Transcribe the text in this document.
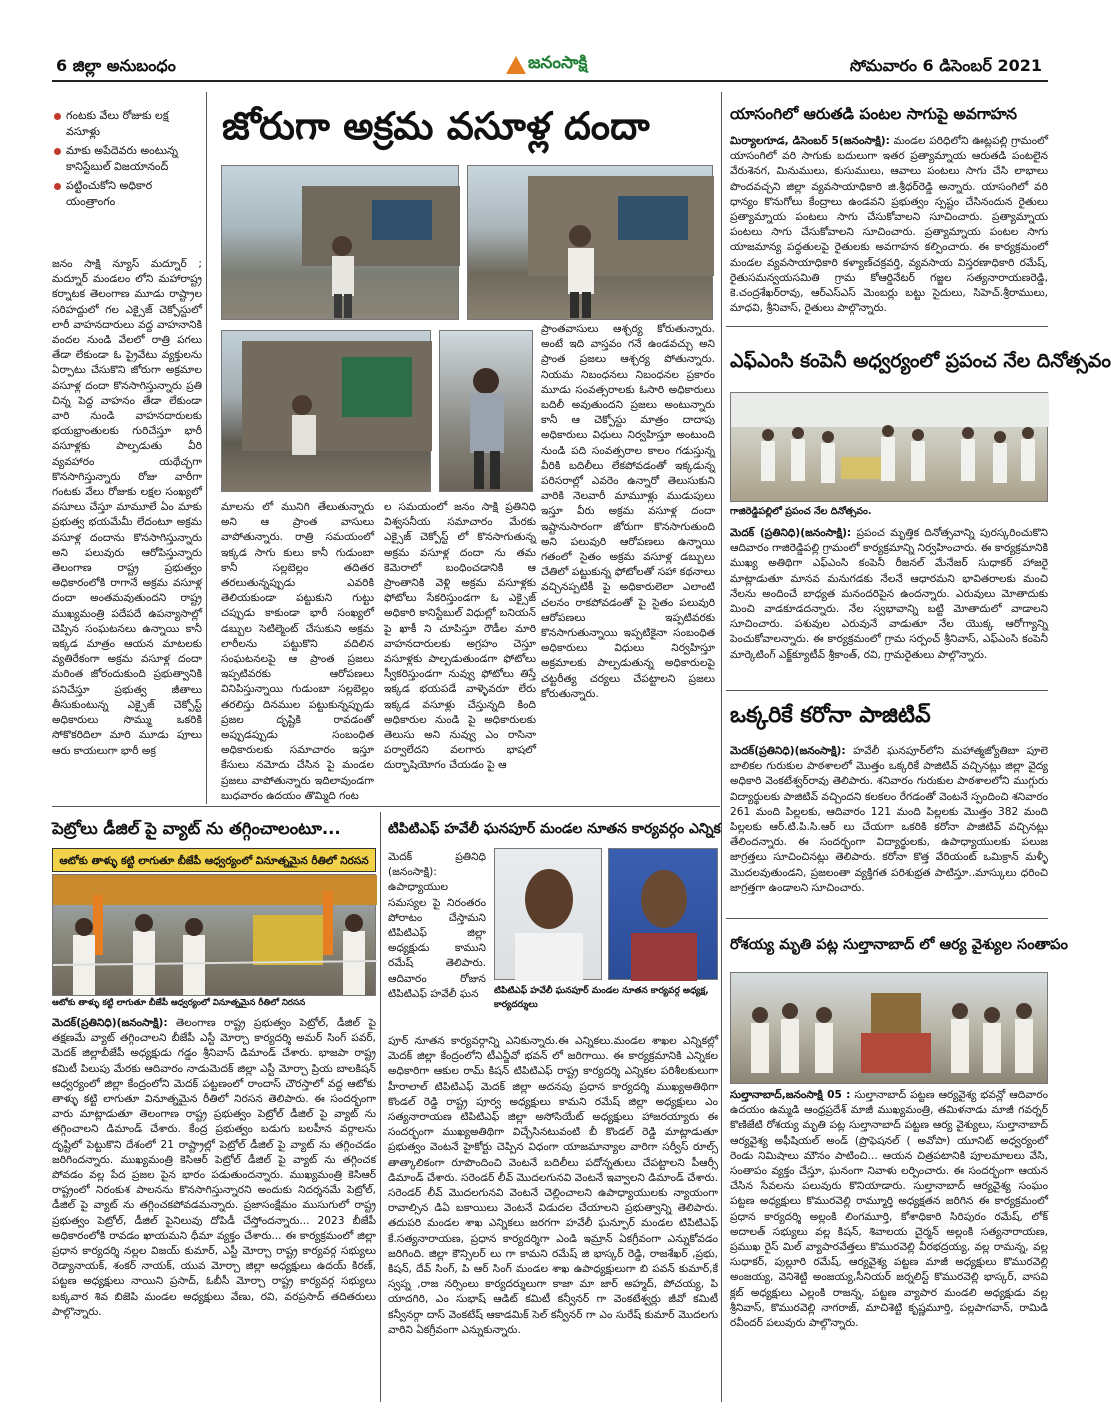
6 జిల్లా అనుబంధం	జనంసాక్షి	సోమవారం 6 డిసెంబర్ 2021
గంటకు వేలు రోజుకు లక్ష వసూళ్లు
మాకు అపేదెవరు అంటున్న కానిస్టేబుల్ విజయానంద్
పట్టించుకోని అధికార యంత్రాంగం
జోరుగా అక్రమ వసూళ్ల దందా
జనం సాక్షి న్యూస్ మద్నూర్ ; మద్నూర్ మండలం లోని మహారాష్ట్ర కర్నాటక తెలంగాణ మూడు రాష్ట్రాల సరిహద్దులో గల ఎక్సైజ్ చెక్పోస్టులో లారీ వాహనదారులు వద్ద వాహనానికి వందల నుండి వేలలో రాత్రి పగలు తేడా లేకుండా ఓ ప్రైవేటు వ్యక్తులను ఏర్పాటు చేసుకొని జోరుగా అక్రమాల వసూళ్ల దందా కొనసాగిస్తున్నారు ప్రతి చిన్న పెద్ద వాహనం తేడా లేకుండా వారి నుండి వాహనదారులకు భయభ్రాంతులకు గురిచేస్తూ భారీ వసూళ్లకు పాల్పడుతు వీరి వ్యవహారం యథేచ్ఛగా కొనసాగిస్తున్నారు రోజు వారీగా గంటకు వేలు రోజుకు లక్షల సంఖ్యలో వసూలు చేస్తూ మామూలే ఏం మాకు ప్రభుత్వ భయమేమీ లేదంటూ అక్రమ వసూళ్ల దందాను కొనసాగిస్తున్నారు అని పలువురు ఆరోపిస్తున్నారు తెలంగాణ రాష్ట్ర ప్రభుత్వం అధికారంలోకి రాగానే అక్రమ వసూళ్ల దందా అంతమవుతుందని రాష్ట్ర ముఖ్యమంత్రి పదేపదే ఉపన్యాసాల్లో చెప్పిన సంఘటనలు ఉన్నాయి కానీ ఇక్కడ మాత్రం ఆయన మాటలకు వ్యతిరేకంగా అక్రమ వసూళ్ల దందా మరింత జోరందుకుంది ప్రభుత్వానికి పనిచేస్తూ ప్రభుత్వ జీతాలు తీసుకుంటున్న ఎక్సైజ్ చెక్పోస్ట్ అధికారులు సొమ్ము ఒకరికి సోకొకరిదిలా మారి మూడు పూలు ఆరు కాయలుగా భారీ అక్ర
మాలను లో మునిగి తేలుతున్నారు అని ఆ ప్రాంత వాసులు వాపోతున్నారు. రాత్రి సమయంలో ఇక్కడ సాగు కులు కానీ గుడుంబా కానీ సల్లబెల్లం తదితర తరలుతున్నప్పుడు ఎవరికి తెలియకుండా పట్టుకుని గుట్టు చప్పుడు కాకుండా భారీ సంఖ్యలో డబ్బుల సెటిల్మెంట్ చేసుకుని అక్రమ లారీలను పట్టుకొని వదిలిన సంఘటనలపై ఆ ప్రాంత ప్రజలు ఇప్పటివరకు ఆరోపణలు వినిపిస్తున్నాయి గుడుంబా సల్లబెల్లం తరలిస్తు దినముల పట్టుకున్నప్పుడు ప్రజల దృష్టికి రావడంతో అప్పుడప్పుడు సంబంధిత అధికారులకు సమాచారం ఇస్తూ కేసులు నమోదు చేసిన పై మండల ప్రజలు వాపోతున్నారు ఇదిలావుండగా బుధవారం ఉదయం తొమ్మిది గంట
ల సమయంలో జనం సాక్షి ప్రతినిధి విశ్వసనీయ సమాచారం మేరకు ఎక్సైజ్ చెక్పోస్ట్ లో కొనసాగుతున్న అక్రమ వసూళ్ల దందా ను తమ కెమెరాలో బంధించడానికి ఆ ప్రాంతానికి వెళ్లి అక్రమ వసూళ్లకు ఫోటోలు సేకరిస్తుండగా ఓ ఎక్సైజ్ అధికారి కానిస్టేబుల్ విధుల్లో బనియన్ పై ఖాకీ ని చూపిస్తూ రౌడీల మారి వాహనదారులకు అగ్రహం చెస్తూ వసూళ్లకు పాల్పడుతుండగా ఫోటోలు స్వీకరిస్తుండగా నువ్వు ఫోటోలు తిస్తే ఇక్కడ భయపడే వాళ్ళెవరూ లేరు ఇక్కడ వసూళ్లు చేస్తున్నది కింది అధికారుల నుండి పై అధికారులకు తెలుసు అని నువ్వు ఎం రాసినా పర్వాలేదని వలగారు భాషలో దుర్భాషియోగం చేయడం పై ఆ
ప్రాంతవాసులు ఆశ్చర్య కోరుతున్నారు. అంటే ఇది వాస్తవం గనే ఉండవచ్చు అని ప్రాంత ప్రజలు ఆశ్చర్య పోతున్నారు. నియమ నిబంధనలు నిబంధనల ప్రకారం మూడు సంవత్సరాలకు ఓసారి అధికారులు బదిలీ అవుతుందని ప్రజలు అంటున్నారు కానీ ఆ చెక్పోస్టు మాత్రం దాదాపు అధికారులు విధులు నిర్వహిస్తూ అంటుంది నుండి పది సంవత్సరాల కాలం గడుస్తున్న వీరికి బదిలీలు లేకపోవడంతో ఇక్కడున్న పరిసరాల్లో ఎవరెం ఉన్నారో తెలుసుకుని వారికి నెలవారీ మామూళ్లు ముడుపులు ఇస్తూ వీరు అక్రమ వసూళ్ల దందా ఇష్టానుసారంగా జోరుగా కొనసాగుతుంది అని పలువురి ఆరోపణలు ఉన్నాయి గతంలో సైతం అక్రమ వసూళ్ల డబ్బులు చేతిలో పట్టుకున్న ఫోటోలతో సహా కథనాలు వచ్చినప్పటికీ పై అధికారులెలా ఎలాంటి చలనం రాకపోవడంతో పై సైతం పలువురి ఆరోపణలు ఇప్పటివరకు కొనసాగుతున్నాయి ఇప్పటికైనా సంబంధిత అధికారులు విధులు నిర్వహిస్తూ అక్రమాలకు పాల్పడుతున్న అధికారులపై చట్టరీత్య చర్యలు చేపట్టాలని ప్రజలు కోరుతున్నారు.
యాసంగిలో ఆరుతడి పంటల సాగుపై అవగాహన
మిర్యాలగూడ, డిసెంబర్ 5(జనంసాక్షి): మండల పరిధిలోని ఊట్లపల్లి గ్రామంలో యాసంగిలో వరి సాగుకు బదులుగా ఇతర ప్రత్యామ్నాయ ఆరుతడి పంటలైన వేరుశెనగ, మినుములు, కుసుములు, ఆవాలు పంటలు సాగు చేసి లాభాలు పొందవచ్చని జిల్లా వ్యవసాయాధికారి జి.శ్రీధర్‌రెడ్డి అన్నారు. యాసంగిలో వరి ధాన్యం కొనుగోలు కేంద్రాలు ఉండవని ప్రభుత్వం స్పష్టం చేసినందున రైతులు ప్రత్యామ్నాయ పంటలు సాగు చేసుకోవాలని సూచించారు. ప్రత్యామ్నాయ పంటలు సాగు చేసుకోవాలని సూచించారు. ప్రత్యామ్నాయ పంటల సాగు యాజమాన్య పద్ధతులపై రైతులకు అవగాహన కల్పించారు. ఈ కార్యక్రమంలో మండల వ్యవసాయాధికారి కళ్యాణ్‌చక్రవర్తి, వ్యవసాయ విస్తరణాధికారి రమేష్, రైతుసమన్వయసమితి గ్రామ కోఆర్డినేటర్ గజ్జల సత్యనారాయణరెడ్డి, కె.చంద్రశేఖర్‌రావు, ఆర్‌ఎస్ఎస్ మెంబర్లు బట్టు సైదులు, సిహెచ్.శ్రీరాములు, మాధవి, శ్రీనివాస్, రైతులు పాల్గొన్నారు.
ఎఫ్ఎంసి కంపెనీ అధ్వర్యంలో ప్రపంచ నేల దినోత్సవం
గాజిరెడ్డిపల్లిలో ప్రపంచ నేల దినోత్సవం.
మెదక్ (ప్రతినిధి)(జనంసాక్షి): ప్రపంచ మృత్తిక దినోత్సవాన్ని పురస్కరించుకొని ఆదివారం గాజిరెడ్డిపల్లి గ్రామంలో కార్యక్రమాన్ని నిర్వహించారు. ఈ కార్యక్రమానికి ముఖ్య అతిథిగా ఎఫ్ఎంసి కంపెనీ రీజనల్ మేనేజర్ సుధాకర్ హాజరై మాట్లాడుతూ మానవ మనుగడకు నేలనే ఆధారమని భావితరాలకు మంచి నేలను అందించే బాధ్యత మనందరిపైన ఉందన్నారు. ఎరువులు మోతాదుకు మించి వాడకూడదన్నారు. నేల స్వభావాన్ని బట్టి మోతాదులో వాడాలని సూచించారు. పశువుల ఎరువునే వాడుతూ నేల యొక్క ఆరోగ్యాన్ని పెంచుకోవాలన్నారు. ఈ కార్యక్రమంలో గ్రామ సర్పంచ్ శ్రీనివాస్, ఎఫ్ఎంసి కంపెనీ మార్కెటింగ్ ఎక్జ్‌క్యూటీవ్ శ్రీకాంత్, రవి, గ్రామరైతులు పాల్గొన్నారు.
ఒక్కరికే కరోనా పాజిటివ్
మెదక్(ప్రతినిధి)(జనంసాక్షి): హవేలీ ఘనపూర్‌లోని మహాత్మజ్యోతిబా పూలె బాలికల గురుకుల పాఠశాలలో మొత్తం ఒక్కరికే పాజిటివ్ వచ్చినట్లు జిల్లా వైద్య అధికారి వెంకటేశ్వర్‌రావు తెలిపారు. శనివారం గురుకుల పాఠశాలలోని ముగ్గురు విద్యార్థులకు పాజిటివ్ వచ్చిందని కలకలం రేగడంతో వెంటనే స్పందించి శనివారం 261 మంది పిల్లలకు, ఆదివారం 121 మంది పిల్లలకు మొత్తం 382 మంది పిల్లలకు ఆర్.టి.పి.సి.ఆర్ లు చేయగా ఒకరికి కరోనా పాజిటివ్ వచ్చినట్లు తేలిందన్నారు. ఈ సందర్భంగా విద్యార్థులకు, ఉపాధ్యాయులకు పలుజ జాగ్రత్తలు సూచించినట్లు తెలిపారు. కరోనా కొత్త వేరియంట్ ఒమిక్రాన్ మళ్ళీ మొదలవుతుండని, ప్రజలంతా వ్యక్తిగత పరిశుభ్రత పాటిస్తూ..మాస్కులు ధరించి జాగ్రత్తగా ఉండాలని సూచించారు.
రోశయ్య మృతి పట్ల సుల్తానాబాద్ లో ఆర్య వైశ్యుల సంతాపం
సుల్తానాబాద్,జనంసాక్షి 05 : సుల్తానాబాద్ పట్టణ ఆర్యవైశ్య భవన్లో ఆదివారం ఉదయం ఉమ్మడి ఆంధ్రప్రదేశ్ మాజీ ముఖ్యమంత్రి, తమిళనాడు మాజీ గవర్నర్ కొణిజేటి రోశయ్య మృతి పట్ల సుల్తానాబాద్ పట్టణ ఆర్య వైశ్యులు, సుల్తానాబాద్ ఆర్యవైశ్య అఫీషియల్ అండ్ (ప్రొఫెషనల్ ( అవోపా) యూనిట్ అధ్వర్యంలో రెండు నిమిషాలు మౌనం పాటించి... ఆయన చిత్రపటానికి పూలమాలలు వేసి, సంతాపం వ్యక్తం చేస్తూ, ఘనంగా నివాళు లర్పించారు. ఈ సందర్భంగా ఆయన చేసిన సేవలను పలువురు కొనియాడారు. సుల్తానాబాద్ ఆర్యవైశ్య సంఘం పట్టణ అధ్యక్షులు కొమురవెల్లి రామ్మూర్తి అధ్యక్షతన జరిగిన ఈ కార్యక్రమంలో ప్రధాన కార్యదర్శి అల్లంకి లింగమూర్తి, కోశాధికారి సిరిపురం రమేష్, లోక్ అదాలత్ సభ్యులు వల్ల కిషన్, శివాలయ చైర్మన్ అల్లంకి సత్యనారాయణ, ప్రముఖ రైస్ మిల్ వ్యాపారవేత్తలు కొమురవెల్లి వీరభద్రయ్య, వల్ల రామన్న, వల్ల సుధాకర్, పుల్లూరి రమేష్, ఆర్యవైశ్య పట్టణ మాజీ అధ్యక్షులు కొమురవెల్లి అంజయ్య, వెనిశెట్టి అంజయ్య,సీనియర్ జర్నలిస్ట్ కొమురవెల్లి భాస్కర్, వాసవి క్లబ్ అధ్యక్షులు ఎల్లంకి రాజన్న, పట్టణ వ్యాపార మండలి అధ్యక్షుడు వల్ల శ్రీనివాస్, కొమురవెల్లి నాగరాజ్, మాచిశెట్టి కృష్ణమూర్తి, పల్లపాగవాన్, రామిడి రవీందర్ పలువురు పాల్గొన్నారు.
పెట్రోలు డీజిల్ పై వ్యాట్ ను తగ్గించాలంటూ...
ఆటోకు తాళ్ళు కట్టి లాగుతూ బీజేపీ ఆధ్వర్యంలో వినూత్నమైన రీతిలో నిరసన
ఆటోకు తాళ్ళు కట్టి లాగుతూ బీజేపీ ఆధ్వర్యంలో వినూత్నమైన రీతిలో నిరసన
మెదక్(ప్రతినిధి)(జనంసాక్షి): తెలంగాణ రాష్ట్ర ప్రభుత్వం పెట్రోల్, డీజిల్ పై తక్షణమే వ్యాట్ తగ్గించాలని బీజేపీ ఎస్టీ మోర్చా కార్యదర్శి అమర్ సింగ్ పవర్, మెదక్ జిల్లాబీజేపీ అధ్యక్షుడు గడ్డం శ్రీనివాస్ డిమాండ్ చేశారు. భాజపా రాష్ట్ర కమిటీ పిలుపు మేరకు ఆదివారం నాడుమెదక్ జిల్లా ఎస్టీ మోర్చా ప్రియ బాలకిషన్ ఆధ్వర్యంలో జిల్లా కేంద్రంలోని మెదక్ పట్టణంలో రాందాస్ చౌరస్తాలో వద్ద ఆటోకు తాళ్ళు కట్టి లాగుతూ వినూత్నమైన రీతిలో నిరసన తెలిపారు. ఈ సందర్భంగా వారు మాట్లాడుతూ తెలంగాణ రాష్ట్ర ప్రభుత్వం పెట్రోల్ డీజిల్ పై వ్యాట్ ను తగ్గించాలని డిమాండ్ చేశారు. కేంద్ర ప్రభుత్వం బడుగు బలహీన వర్గాలను దృష్టిలో పెట్టుకొని దేశంలో 21 రాష్ట్రాల్లో పెట్రోల్ డీజిల్ పై వ్యాట్ ను తగ్గించడం జరిగిందన్నారు. ముఖ్యమంత్రి కెసిఆర్ పెట్రోల్ డీజిల్ పై వ్యాట్ ను తగ్గించక పోవడం వల్ల పేద ప్రజల పైన భారం పడుతుందన్నారు. ముఖ్యమంత్రి కెసిఆర్ రాష్ట్రంలో నిరంకుశ పాలనను కొనసాగిస్తున్నారని అందుకు నిదర్శనమే పెట్రోల్, డీజిల్ పై వ్యాట్ ను తగ్గించకపోవడమన్నారు. ప్రజాసంక్షేమం ముసుగులో రాష్ట్ర ప్రభుత్వం పెట్రోల్, డీజిల్ పైనిలువు దోపిడీ చేస్తోందన్నారు... 2023 బీజేపీ అధికారంలోకి రావడం ఖాయమని ధీమా వ్యక్తం చేశారు... ఈ కార్యక్రమంలో జిల్లా ప్రధాన కార్యదర్శి నల్లల విజయ్ కుమార్, ఎస్టీ మోర్చా రాష్ట్ర కార్యవర్గ సభ్యులు రెడ్యానాయక్, శంకర్ నాయక్, యువ మోర్చా జిల్లా అధ్యక్షులు ఉదయ్ కిరణ్, పట్టణ అధ్యక్షులు నాయిని ప్రసాద్, ఓబీసీ మోర్చా రాష్ట్ర కార్యవర్గ సభ్యులు బక్కవార శివ బిజెపి మండల అధ్యక్షులు వేణు, రవి, వరప్రసాద్ తదితరులు పాల్గొన్నారు.
టిపిటిఎఫ్ హవేలీ ఘనపూర్ మండల నూతన కార్యవర్గం ఎన్నిక
మెదక్ ప్రతినిధి (జనంసాక్షి): ఉపాధ్యాయుల సమస్యల పై నిరంతరం పోరాటం చేస్తామని టిపిటిఎఫ్ జిల్లా అధ్యక్షుడు కాముని రమేష్ తెలిపారు. ఆదివారం రోజున టిపిటిఎఫ్ హవేలీ ఘన	టిపిటిఎఫ్ హవేలీ ఘనపూర్ మండల నూతన కార్యవర్గ అధ్యక్ష, కార్యదర్శులు
పూర్ నూతన కార్యవర్గాన్ని ఎనికున్నారు.ఈ ఎన్నికలు.మండల శాఖల ఎన్నికల్లో మెదక్ జిల్లా కేంద్రంలోని టీఎన్జీవో భవన్ లో జరిగాయి. ఈ కార్యక్రమానికి ఎన్నికల అధికారిగా ఆకుల రామ్ కిషన్ టిపిటిఎఫ్ రాష్ట్ర కార్యదర్శి ఎన్నికల పరిశీలకులుగా హీరాలాల్ టిపిటిఎఫ్ మెదక్ జిల్లా అదనపు ప్రధాన కార్యదర్శి ముఖ్యఅతిథిగా కొండల్ రెడ్డి రాష్ట్ర పూర్వ అధ్యక్షులు కామని రమేష్ జిల్లా అధ్యక్షులు ఎం సత్యనారాయణ టిపిటిఎఫ్ జిల్లా అసోసియేట్ అధ్యక్షులు హాజరయ్యారు ఈ సందర్భంగా ముఖ్యఅతిథిగా విచ్చేసినటువంటి బీ కొండల్ రెడ్డి మాట్లాడుతూ ప్రభుత్వం వెంటనే హైకోర్టు చెప్పిన విధంగా యాజమాన్యాల వారిగా సర్వీస్ రూల్స్ తాత్కాలికంగా రూపొందించి వెంటనే బదిలీలు పదోన్నతులు చేపట్టాలని పీఆర్సీ డిమాండ్ చేశారు. సరెండర్ లీవ్ మొదలగునవి వెంటనే ఇవ్వాలని డిమాండ్ చేశారు. సరెండర్ లీవ్ మొదలగునవి వెంటనే చెల్లించాలని ఉపాధ్యాయులకు న్యాయంగా రావాల్సిన డిఏ బకాయిలు వెంటనే విడుదల చేయాలని ప్రభుత్వాన్ని తెలిపారు. తదుపరి మండల శాఖ ఎన్నికలు జరగగా హవేలీ ఘన్పూర్ మండల టిపిటిఎఫ్ కే.సత్యనారాయణ, ప్రధాన కార్యదర్శిగా ఎండి ఇమ్రాన్ ఏకగ్రీవంగా ఎన్నుకోవడం జరిగింది. జిల్లా కౌన్సిలర్ లు గా కామని రమేష్ జి భాస్కర్ రెడ్డి, రాజశేఖర్ ,ప్రభు, కిషన్, దేవ్ సింగ్, పి ఆర్ సింగ్ మండల శాఖ ఉపాధ్యక్షులుగా బి పవన్ కుమార్,కే స్వప్న ,రాజ నర్సింలు కార్యదర్శులుగా కాజా మా జార్ అహ్మద్, పోచయ్య, పి యాదగిరి, ఎం సుభాష్ ఆడిట్ కమిటీ కన్వీనర్ గా వెంకటేశ్వర్లు జీవో కమిటీ కన్వీనర్గా దాస్ వెంకటేష్ ఆకాడమిక్ సెల్ కన్వీనర్ గా ఎం సురేష్ కుమార్ మొదలగు వారిని ఏకగ్రీవంగా ఎన్నుకున్నారు.
